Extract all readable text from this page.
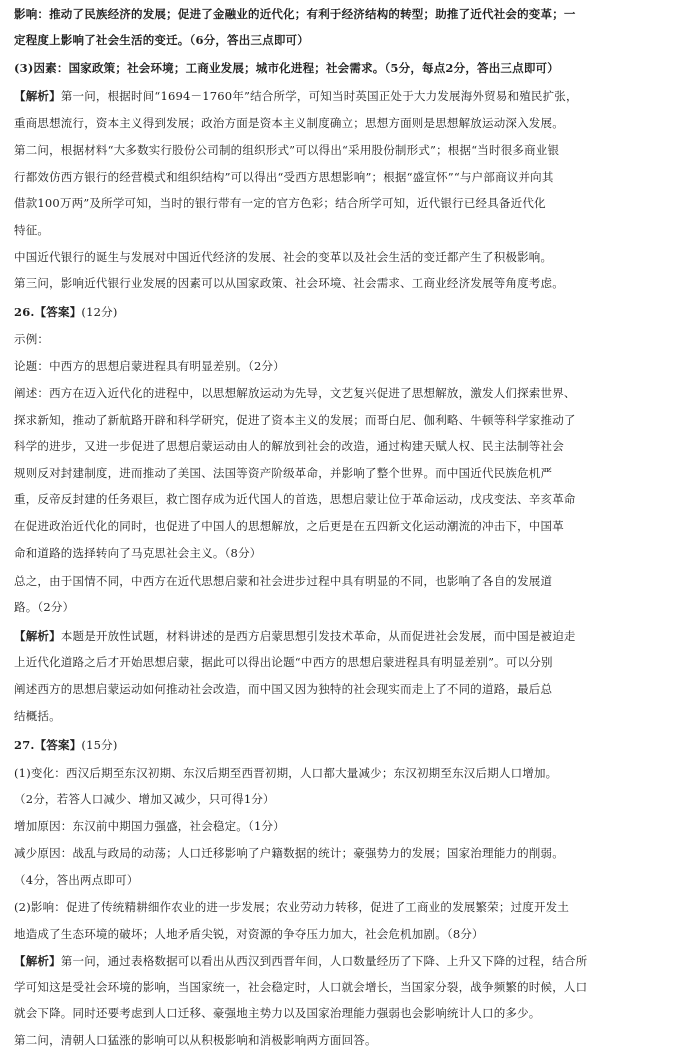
影响：推动了民族经济的发展；促进了金融业的近代化；有利于经济结构的转型；助推了近代社会的变革；一
定程度上影响了社会生活的变迁。（6分，答出三点即可）
(3)因素：国家政策；社会环境；工商业发展；城市化进程；社会需求。（5分，每点2分，答出三点即可）
【解析】第一问，根据时间“1694－1760年”结合所学，可知当时英国正处于大力发展海外贸易和殖民扩张，
重商思想流行，资本主义得到发展；政治方面是资本主义制度确立；思想方面则是思想解放运动深入发展。
第二问，根据材料“大多数实行股份公司制的组织形式”可以得出“采用股份制形式”；根据“当时很多商业银
行都效仿西方银行的经营模式和组织结构”可以得出“受西方思想影响”；根据“盛宣怀”“与户部商议并向其
借款100万两”及所学可知，当时的银行带有一定的官方色彩；结合所学可知，近代银行已经具备近代化
特征。
中国近代银行的诞生与发展对中国近代经济的发展、社会的变革以及社会生活的变迁都产生了积极影响。
第三问，影响近代银行业发展的因素可以从国家政策、社会环境、社会需求、工商业经济发展等角度考虑。
26.【答案】(12分)
示例：
论题：中西方的思想启蒙进程具有明显差别。（2分）
阐述：西方在迈入近代化的进程中，以思想解放运动为先导，文艺复兴促进了思想解放，激发人们探索世界、
探求新知，推动了新航路开辟和科学研究，促进了资本主义的发展；而哥白尼、伽利略、牛顿等科学家推动了
科学的进步，又进一步促进了思想启蒙运动由人的解放到社会的改造，通过构建天赋人权、民主法制等社会
规则反对封建制度，进而推动了美国、法国等资产阶级革命，并影响了整个世界。而中国近代民族危机严
重，反帝反封建的任务艰巨，救亡图存成为近代国人的首选，思想启蒙让位于革命运动，戊戌变法、辛亥革命
在促进政治近代化的同时，也促进了中国人的思想解放，之后更是在五四新文化运动潮流的冲击下，中国革
命和道路的选择转向了马克思社会主义。（8分）
总之，由于国情不同，中西方在近代思想启蒙和社会进步过程中具有明显的不同，也影响了各自的发展道
路。（2分）
【解析】本题是开放性试题，材料讲述的是西方启蒙思想引发技术革命，从而促进社会发展，而中国是被迫走
上近代化道路之后才开始思想启蒙，据此可以得出论题“中西方的思想启蒙进程具有明显差别”。可以分别
阐述西方的思想启蒙运动如何推动社会改造，而中国又因为独特的社会现实而走上了不同的道路，最后总
结概括。
27.【答案】(15分)
(1)变化：西汉后期至东汉初期、东汉后期至西晋初期，人口都大量减少；东汉初期至东汉后期人口增加。
（2分，若答人口减少、增加又减少，只可得1分）
增加原因：东汉前中期国力强盛，社会稳定。（1分）
减少原因：战乱与政局的动荡；人口迁移影响了户籍数据的统计；豪强势力的发展；国家治理能力的削弱。
（4分，答出两点即可）
(2)影响：促进了传统精耕细作农业的进一步发展；农业劳动力转移，促进了工商业的发展繁荣；过度开发土
地造成了生态环境的破坏；人地矛盾尖锐，对资源的争夺压力加大，社会危机加剧。（8分）
【解析】第一问，通过表格数据可以看出从西汉到西晋年间，人口数量经历了下降、上升又下降的过程，结合所
学可知这是受社会环境的影响，当国家统一，社会稳定时，人口就会增长，当国家分裂，战争频繁的时候，人口
就会下降。同时还要考虑到人口迁移、豪强地主势力以及国家治理能力强弱也会影响统计人口的多少。
第二问，清朝人口猛涨的影响可以从积极影响和消极影响两方面回答。
